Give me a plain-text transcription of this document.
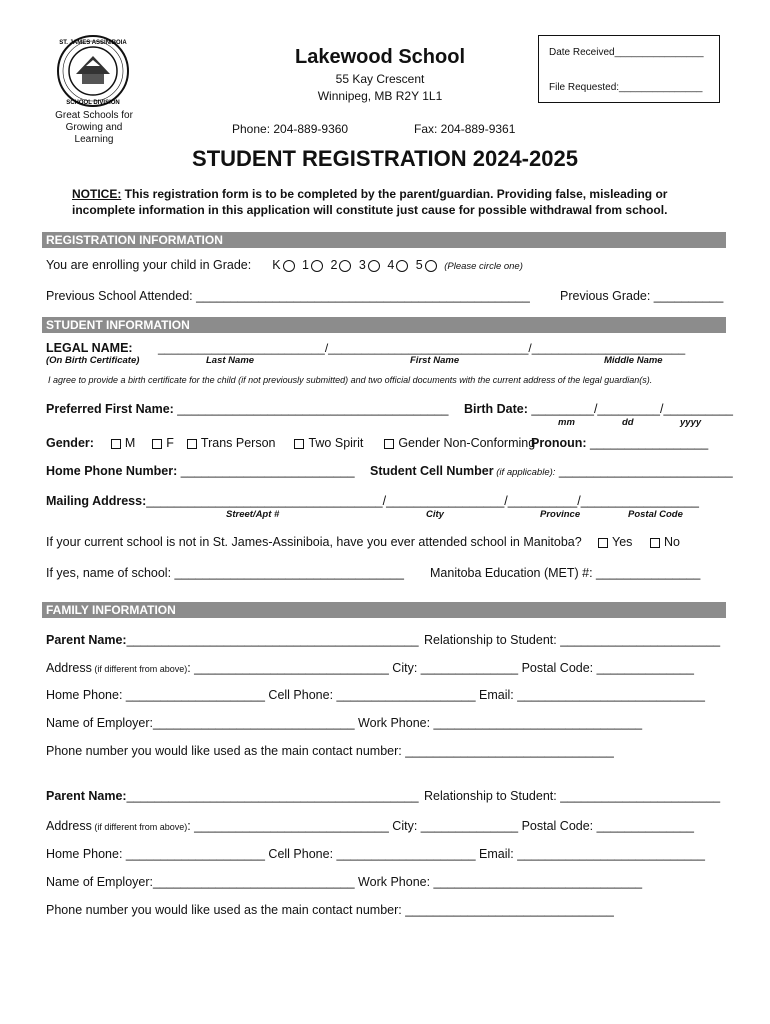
ST. JAMES ASSINIBOIA
SCHOOL DIVISION
Great Schools for
Growing and
Learning
Lakewood School
55 Kay Crescent
Winnipeg, MB R2Y 1L1
Phone: 204-889-9360	Fax: 204-889-9361
Date Received________________
File Requested:_______________
STUDENT REGISTRATION 2024-2025
NOTICE: This registration form is to be completed by the parent/guardian. Providing false, misleading or incomplete information in this application will constitute just cause for possible withdrawal from school.
REGISTRATION INFORMATION
You are enrolling your child in Grade: K 1 2 3 4 5 (Please circle one)
Previous School Attended: ________________________________________________ Previous Grade: __________
STUDENT INFORMATION
LEGAL NAME: _________________________/______________________________/_______________________
(On Birth Certificate)	Last Name	First Name	Middle Name
I agree to provide a birth certificate for the child (if not previously submitted) and two official documents with the current address of the legal guardian(s).
Preferred First Name: _______________________________________ Birth Date: _________/_________/__________
mm	dd	yyyy
Gender: M F Trans Person	Two Spirit	Gender Non-Conforming
Pronoun: _________________
Home Phone Number: _________________________ Student Cell Number (if applicable): _________________________
Mailing Address:__________________________________/_________________/__________/_________________
Street/Apt #	City	Province	Postal Code
If your current school is not in St. James-Assiniboia, have you ever attended school in Manitoba?	Yes	No
If yes, name of school: _________________________________ Manitoba Education (MET) #: _______________
FAMILY INFORMATION
Parent Name:__________________________________________ Relationship to Student: _______________________
Address (if different from above): ____________________________ City: ______________ Postal Code: ______________
Home Phone: ____________________ Cell Phone: ____________________ Email: ___________________________
Name of Employer:_____________________________ Work Phone: ______________________________
Phone number you would like used as the main contact number: ______________________________
Parent Name:__________________________________________ Relationship to Student: _______________________
Address (if different from above): ____________________________ City: ______________ Postal Code: ______________
Home Phone: ____________________ Cell Phone: ____________________ Email: ___________________________
Name of Employer:_____________________________ Work Phone: ______________________________
Phone number you would like used as the main contact number: ______________________________
